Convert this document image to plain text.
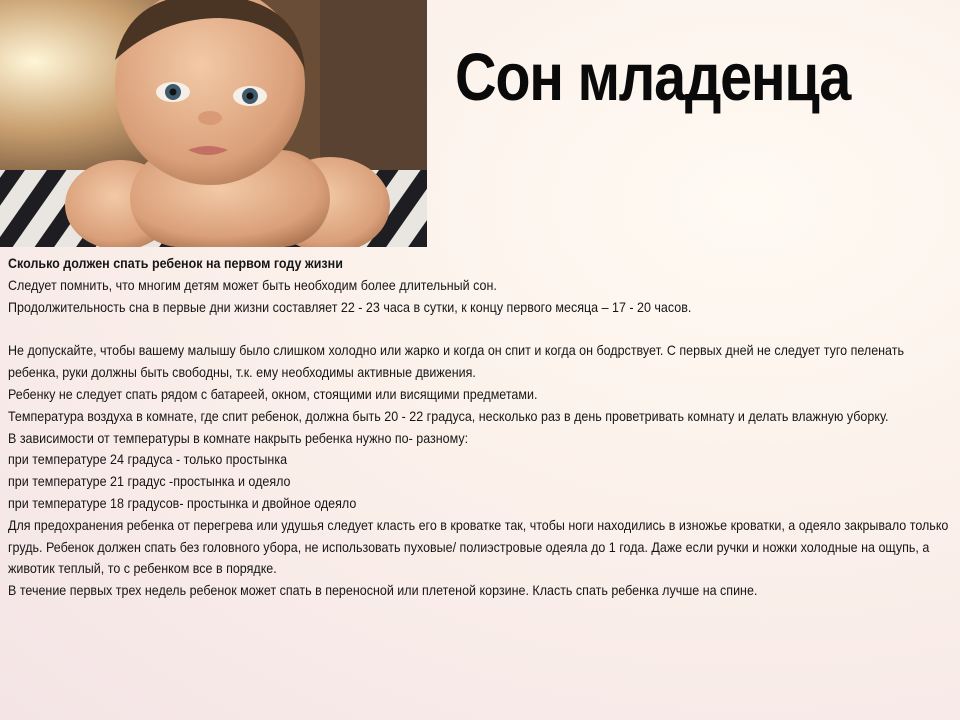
Сон младенца

Сколько должен спать ребенок на первом году жизни

Следует помнить, что многим детям может быть необходим более длительный сон.

Продолжительность сна в первые дни жизни составляет 22 - 23 часа в сутки, к концу первого месяца – 17 - 20 часов.

Не допускайте, чтобы вашему малышу было слишком холодно или жарко и когда он спит и когда он бодрствует. С первых дней не следует туго пеленать ребенка, руки должны быть свободны, т.к. ему необходимы активные движения.

Ребенку не следует спать рядом с батареей, окном, стоящими или висящими предметами.

Температура воздуха в комнате, где спит ребенок, должна быть 20 - 22 градуса, несколько раз в день проветривать комнату и делать влажную уборку.

В зависимости от температуры в комнате накрыть ребенка нужно по- разному:

при температуре 24 градуса - только простынка

при температуре 21 градус -простынка и одеяло

при температуре 18 градусов- простынка и двойное одеяло

Для предохранения ребенка от перегрева или удушья следует класть его в кроватке так, чтобы ноги находились в изножье кроватки, а одеяло закрывало только грудь. Ребенок должен спать без головного убора, не использовать пуховые/ полиэстровые одеяла до 1 года. Даже если ручки и ножки холодные на ощупь, а животик теплый, то с ребенком все в порядке.

В течение первых трех недель ребенок может спать в переносной или плетеной корзине. Класть спать ребенка лучше на спине.
